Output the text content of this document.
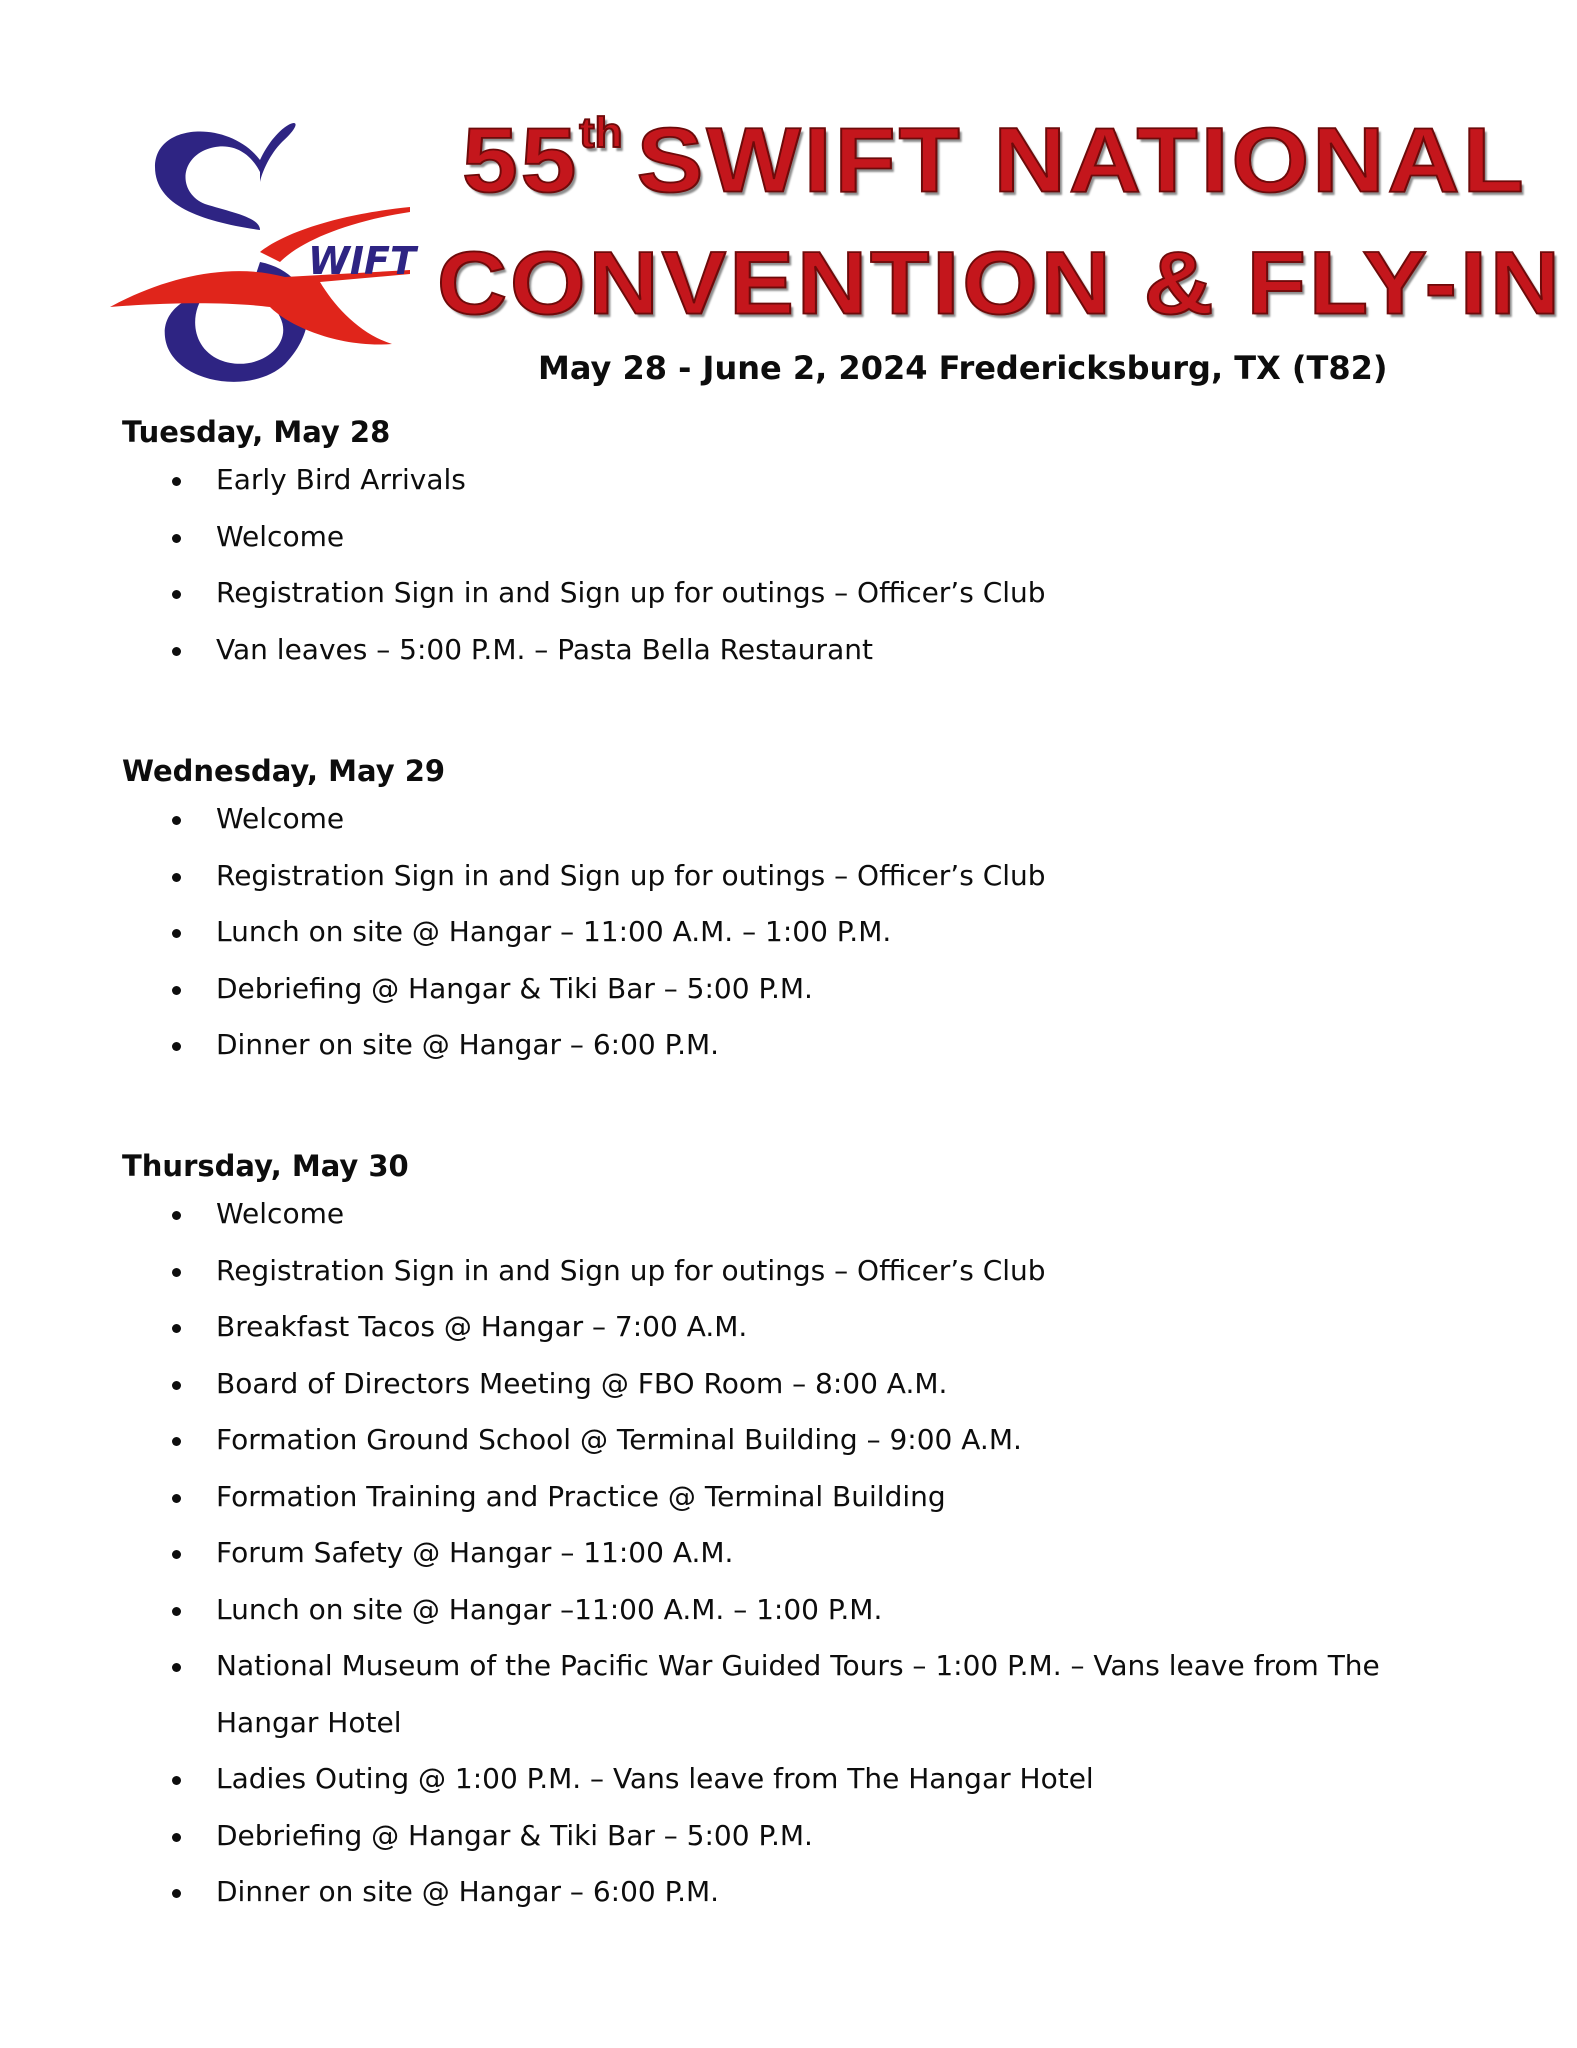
WIFT
55th SWIFT NATIONAL
CONVENTION & FLY-IN

May 28 - June 2, 2024 Fredericksburg, TX (T82)

Tuesday, May 28
Early Bird Arrivals
Welcome
Registration Sign in and Sign up for outings – Officer’s Club
Van leaves – 5:00 P.M. – Pasta Bella Restaurant
Wednesday, May 29
Welcome
Registration Sign in and Sign up for outings – Officer’s Club
Lunch on site @ Hangar – 11:00 A.M. – 1:00 P.M.
Debriefing @ Hangar & Tiki Bar – 5:00 P.M.
Dinner on site @ Hangar – 6:00 P.M.
Thursday, May 30
Welcome
Registration Sign in and Sign up for outings – Officer’s Club
Breakfast Tacos @ Hangar – 7:00 A.M.
Board of Directors Meeting @ FBO Room – 8:00 A.M.
Formation Ground School @ Terminal Building – 9:00 A.M.
Formation Training and Practice @ Terminal Building
Forum Safety @ Hangar – 11:00 A.M.
Lunch on site @ Hangar –11:00 A.M. – 1:00 P.M.
National Museum of the Pacific War Guided Tours – 1:00 P.M. – Vans leave from The Hangar Hotel
Ladies Outing @ 1:00 P.M. – Vans leave from The Hangar Hotel
Debriefing @ Hangar & Tiki Bar – 5:00 P.M.
Dinner on site @ Hangar – 6:00 P.M.
